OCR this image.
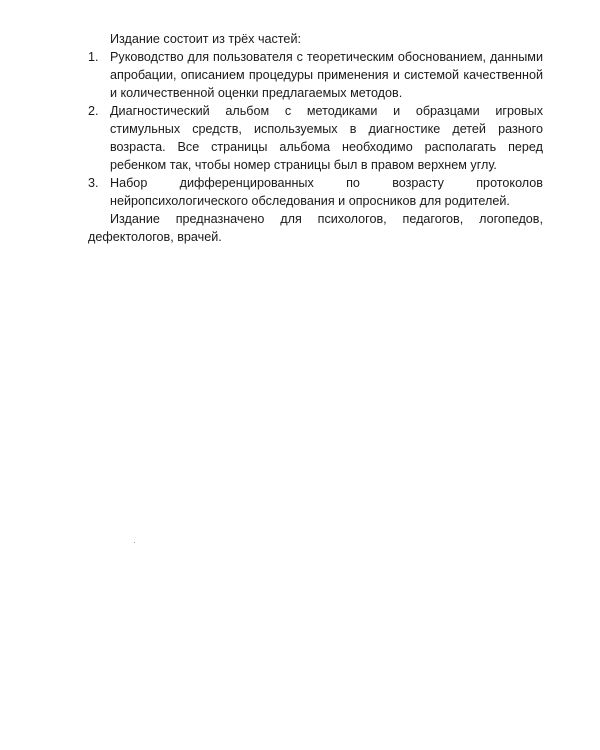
Издание состоит из трёх частей:

1. Руководство для пользователя с теоретическим обоснованием, данными апробации, описанием процедуры применения и системой качественной и количественной оценки предлагаемых методов.
2. Диагностический альбом с методиками и образцами игровых стимульных средств, используемых в диагностике детей разного возраста. Все страницы альбома необходимо располагать перед ребенком так, чтобы номер страницы был в правом верхнем углу.
3. Набор дифференцированных по возрасту протоколов нейропсихологического обследования и опросников для родителей.

Издание предназначено для психологов, педагогов, логопедов, дефектологов, врачей.
